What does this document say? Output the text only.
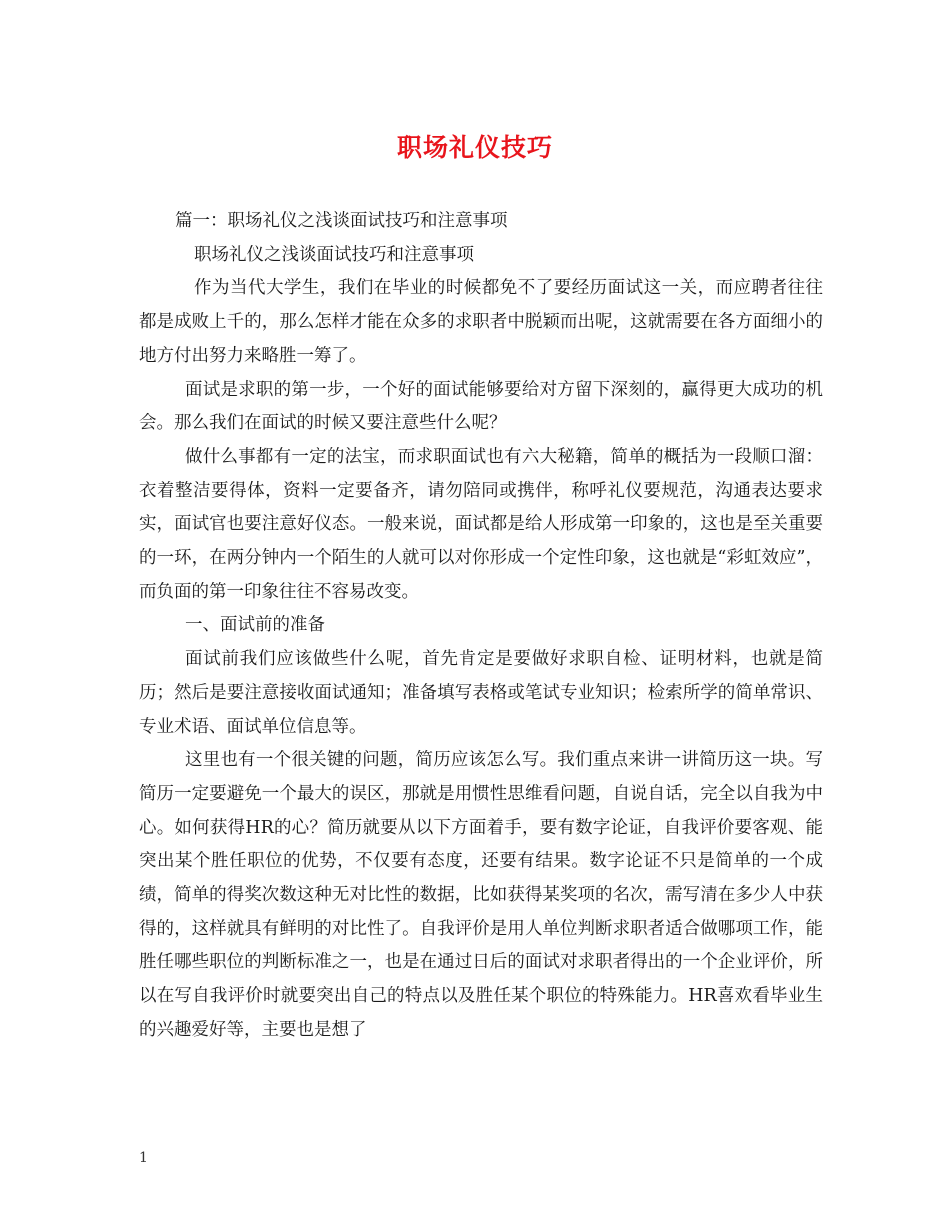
职场礼仪技巧

篇一：职场礼仪之浅谈面试技巧和注意事项

职场礼仪之浅谈面试技巧和注意事项

作为当代大学生，我们在毕业的时候都免不了要经历面试这一关，而应聘者往往都是成败上千的，那么怎样才能在众多的求职者中脱颖而出呢，这就需要在各方面细小的地方付出努力来略胜一筹了。

面试是求职的第一步，一个好的面试能够要给对方留下深刻的，赢得更大成功的机会。那么我们在面试的时候又要注意些什么呢？

做什么事都有一定的法宝，而求职面试也有六大秘籍，简单的概括为一段顺口溜：衣着整洁要得体，资料一定要备齐，请勿陪同或携伴，称呼礼仪要规范，沟通表达要求实，面试官也要注意好仪态。一般来说，面试都是给人形成第一印象的，这也是至关重要的一环，在两分钟内一个陌生的人就可以对你形成一个定性印象，这也就是“彩虹效应”，而负面的第一印象往往不容易改变。

一、面试前的准备

面试前我们应该做些什么呢，首先肯定是要做好求职自检、证明材料，也就是简历；然后是要注意接收面试通知；准备填写表格或笔试专业知识；检索所学的简单常识、专业术语、面试单位信息等。

这里也有一个很关键的问题，简历应该怎么写。我们重点来讲一讲简历这一块。写简历一定要避免一个最大的误区，那就是用惯性思维看问题，自说自话，完全以自我为中心。如何获得HR的心？简历就要从以下方面着手，要有数字论证，自我评价要客观、能突出某个胜任职位的优势，不仅要有态度，还要有结果。数字论证不只是简单的一个成绩，简单的得奖次数这种无对比性的数据，比如获得某奖项的名次，需写清在多少人中获得的，这样就具有鲜明的对比性了。自我评价是用人单位判断求职者适合做哪项工作，能胜任哪些职位的判断标准之一，也是在通过日后的面试对求职者得出的一个企业评价，所以在写自我评价时就要突出自己的特点以及胜任某个职位的特殊能力。HR喜欢看毕业生的兴趣爱好等，主要也是想了

1
